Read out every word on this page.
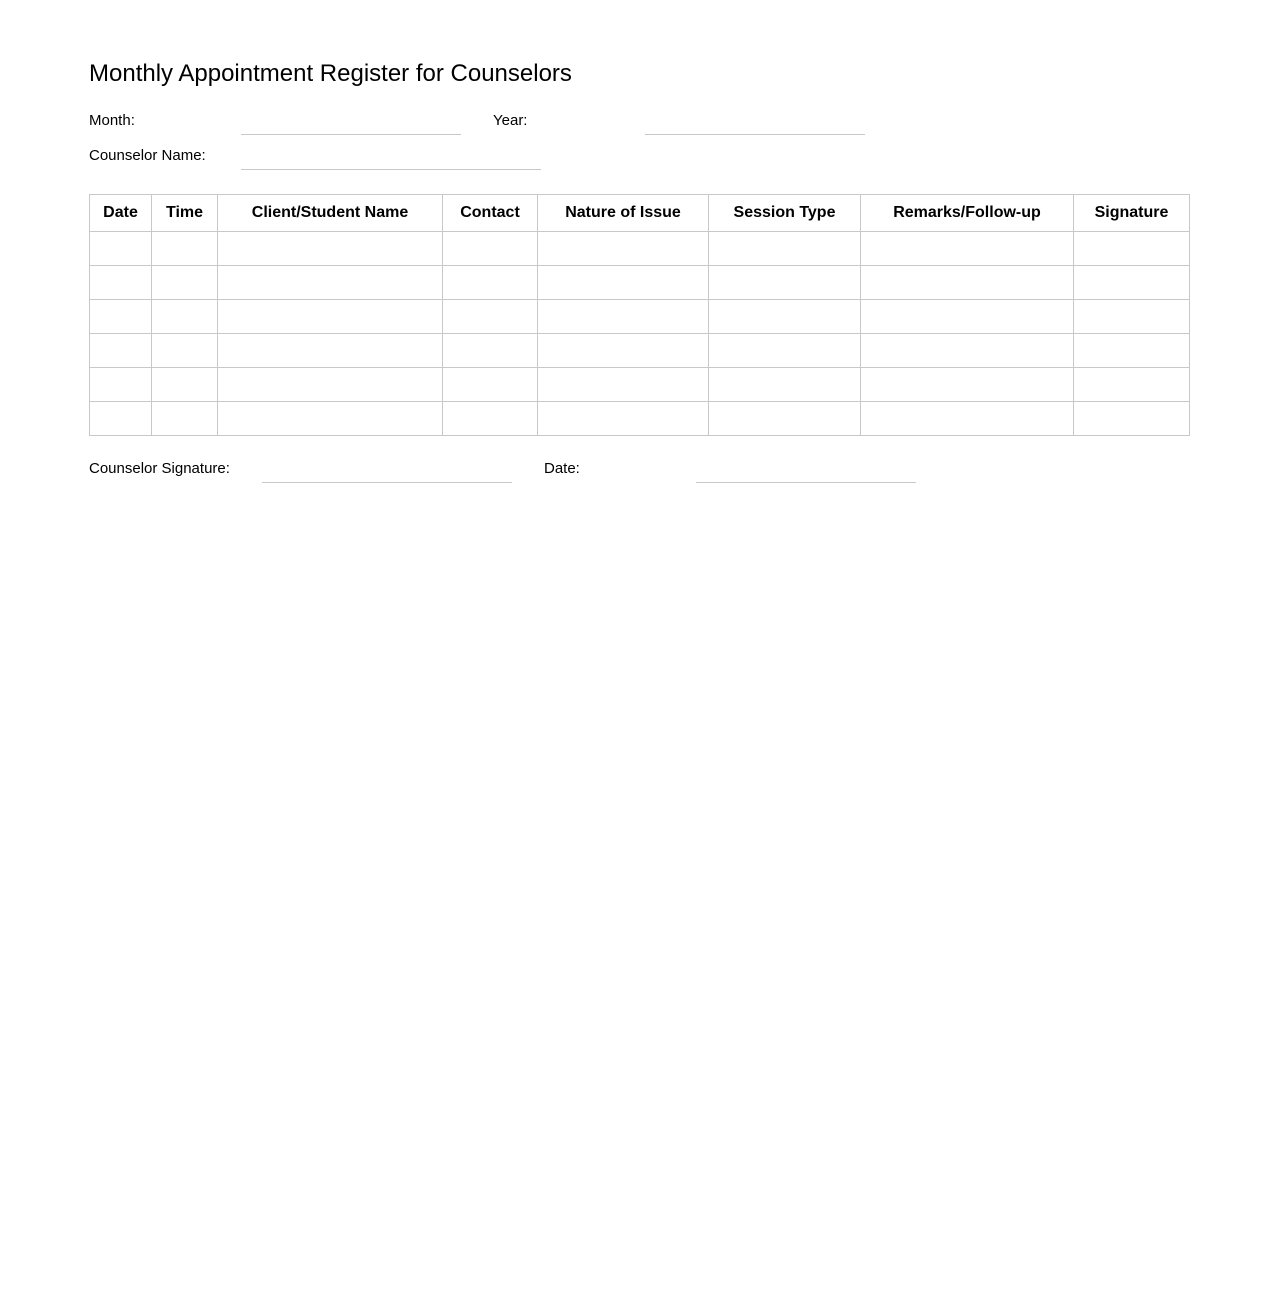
Monthly Appointment Register for Counselors
Month:	Year:
Counselor Name:
Date	Time	Client/Student Name	Contact	Nature of Issue	Session Type	Remarks/Follow-up	Signature

Counselor Signature:	Date:
